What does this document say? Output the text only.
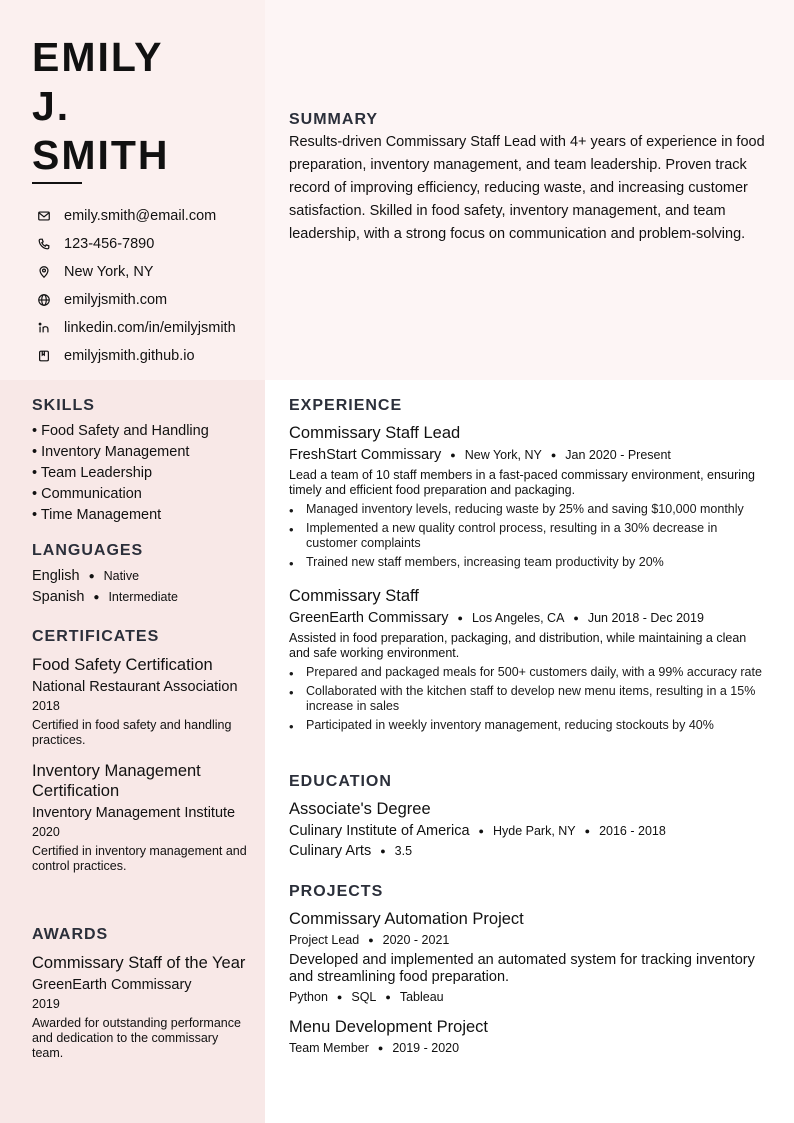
EMILY
J.
SMITH
emily.smith@email.com
123-456-7890
New York, NY
emilyjsmith.com
linkedin.com/in/emilyjsmith
emilyjsmith.github.io
SKILLS
• Food Safety and Handling
• Inventory Management
• Team Leadership
• Communication
• Time Management
LANGUAGES
English ● Native
Spanish ● Intermediate
CERTIFICATES
Food Safety Certification
National Restaurant Association
2018
Certified in food safety and handling practices.
Inventory Management Certification
Inventory Management Institute
2020
Certified in inventory management and control practices.
AWARDS
Commissary Staff of the Year
GreenEarth Commissary
2019
Awarded for outstanding performance and dedication to the commissary team.
SUMMARY
Results-driven Commissary Staff Lead with 4+ years of experience in food preparation, inventory management, and team leadership. Proven track record of improving efficiency, reducing waste, and increasing customer satisfaction. Skilled in food safety, inventory management, and team leadership, with a strong focus on communication and problem-solving.
EXPERIENCE
Commissary Staff Lead
FreshStart Commissary ● New York, NY ● Jan 2020 - Present
Lead a team of 10 staff members in a fast-paced commissary environment, ensuring timely and efficient food preparation and packaging.
• Managed inventory levels, reducing waste by 25% and saving $10,000 monthly
• Implemented a new quality control process, resulting in a 30% decrease in customer complaints
• Trained new staff members, increasing team productivity by 20%
Commissary Staff
GreenEarth Commissary ● Los Angeles, CA ● Jun 2018 - Dec 2019
Assisted in food preparation, packaging, and distribution, while maintaining a clean and safe working environment.
• Prepared and packaged meals for 500+ customers daily, with a 99% accuracy rate
• Collaborated with the kitchen staff to develop new menu items, resulting in a 15% increase in sales
• Participated in weekly inventory management, reducing stockouts by 40%
EDUCATION
Associate's Degree
Culinary Institute of America ● Hyde Park, NY ● 2016 - 2018
Culinary Arts ● 3.5
PROJECTS
Commissary Automation Project
Project Lead ● 2020 - 2021
Developed and implemented an automated system for tracking inventory and streamlining food preparation.
Python ● SQL ● Tableau
Menu Development Project
Team Member ● 2019 - 2020
